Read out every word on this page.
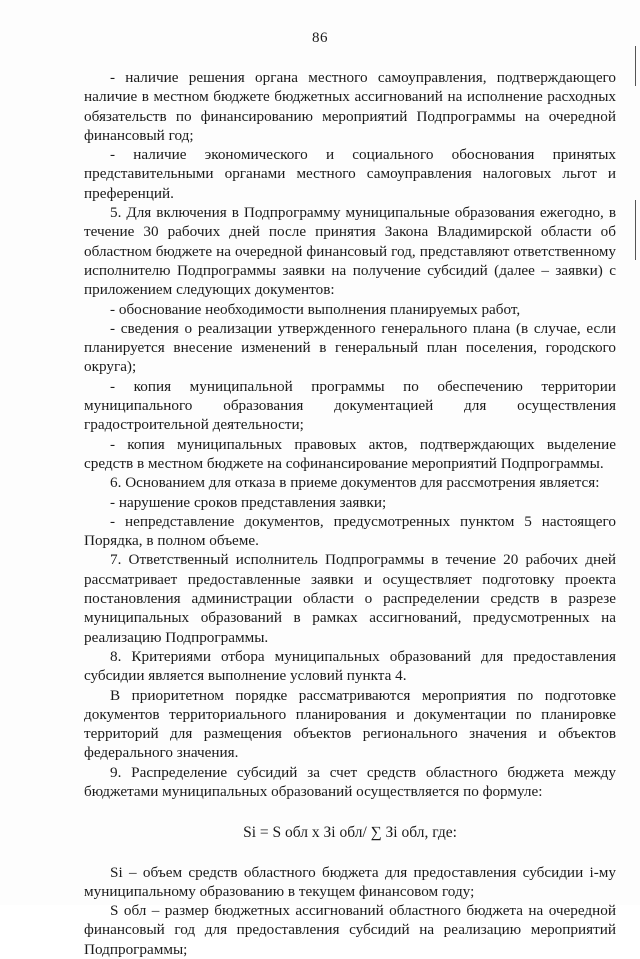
86

- наличие решения органа местного самоуправления, подтверждающего наличие в местном бюджете бюджетных ассигнований на исполнение расходных обязательств по финансированию мероприятий Подпрограммы на очередной финансовый год;

- наличие экономического и социального обоснования принятых представительными органами местного самоуправления налоговых льгот и преференций.

5. Для включения в Подпрограмму муниципальные образования ежегодно, в течение 30 рабочих дней после принятия Закона Владимирской области об областном бюджете на очередной финансовый год, представляют ответственному исполнителю Подпрограммы заявки на получение субсидий (далее – заявки) с приложением следующих документов:

- обоснование необходимости выполнения планируемых работ,

- сведения о реализации утвержденного генерального плана (в случае, если планируется внесение изменений в генеральный план поселения, городского округа);

- копия муниципальной программы по обеспечению территории муниципального образования документацией для осуществления градостроительной деятельности;

- копия муниципальных правовых актов, подтверждающих выделение средств в местном бюджете на софинансирование мероприятий Подпрограммы.

6. Основанием для отказа в приеме документов для рассмотрения является:

- нарушение сроков представления заявки;

- непредставление документов, предусмотренных пунктом 5 настоящего Порядка, в полном объеме.

7. Ответственный исполнитель Подпрограммы в течение 20 рабочих дней рассматривает предоставленные заявки и осуществляет подготовку проекта постановления администрации области о распределении средств в разрезе муниципальных образований в рамках ассигнований, предусмотренных на реализацию Подпрограммы.

8. Критериями отбора муниципальных образований для предоставления субсидии является выполнение условий пункта 4.

В приоритетном порядке рассматриваются мероприятия по подготовке документов территориального планирования и документации по планировке территорий для размещения объектов регионального значения и объектов федерального значения.

9. Распределение субсидий за счет средств областного бюджета между бюджетами муниципальных образований осуществляется по формуле:

Si = S обл х Зi обл/ ∑ Зi обл, где:

Si – объем средств областного бюджета для предоставления субсидии i-му муниципальному образованию в текущем финансовом году;

S обл – размер бюджетных ассигнований областного бюджета на очередной финансовый год для предоставления субсидий на реализацию мероприятий Подпрограммы;
